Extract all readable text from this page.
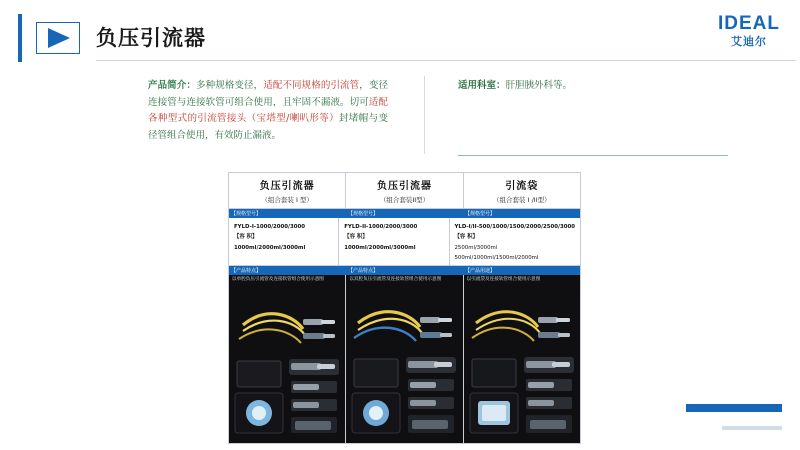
负压引流器
IDEAL
艾迪尔
产品简介：多种规格变径，适配不同规格的引流管，变径连接管与连接软管可组合使用，且牢固不漏液。切可适配各种型式的引流管接头（宝塔型/喇叭形等）封堵帽与变径管组合使用，有效防止漏液。
适用科室：肝胆胰外科等。
负压引流器
（组合套装 I 型）
负压引流器
（组合套装II型）
引流袋
（组合套装 I /II型）
【规格型号】	【规格型号】	【规格型号】
FYLD-I-1000/2000/3000
【容 积】
1000ml/2000ml/3000ml
FYLD-II-1000/2000/3000
【容 积】
1000ml/2000ml/3000ml
YLD-I/II-500/1000/1500/2000/2500/3000
【容 积】
2500ml/3000ml
500ml/1000ml/1500ml/2000ml
【产品特点】	【产品特点】	【产品用途】
以单腔负压引流管及连接软管组合使用示意图	以双腔负压引流管及连接软管组合使用示意图	以引流袋及连接软管组合使用示意图
